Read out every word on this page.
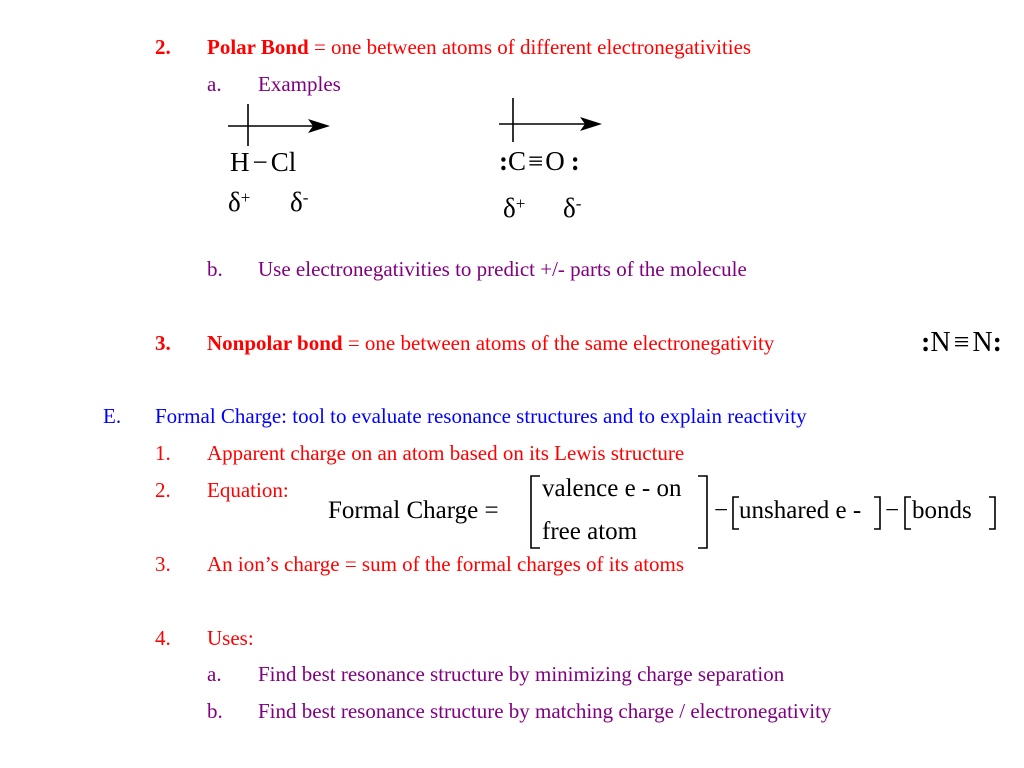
2. Polar Bond = one between atoms of different electronegativities
a. Examples
H − Cl
δ+ δ-
:C≡O :
δ+ δ-
b. Use electronegativities to predict +/- parts of the molecule
3. Nonpolar bond = one between atoms of the same electronegativity	:N ≡ N:
E. Formal Charge: tool to evaluate resonance structures and to explain reactivity
1. Apparent charge on an atom based on its Lewis structure
2. Equation:
Formal Charge =
valence e - on
free atom
− unshared e - − bonds
3. An ion’s charge = sum of the formal charges of its atoms
4. Uses:
a. Find best resonance structure by minimizing charge separation
b. Find best resonance structure by matching charge / electronegativity
